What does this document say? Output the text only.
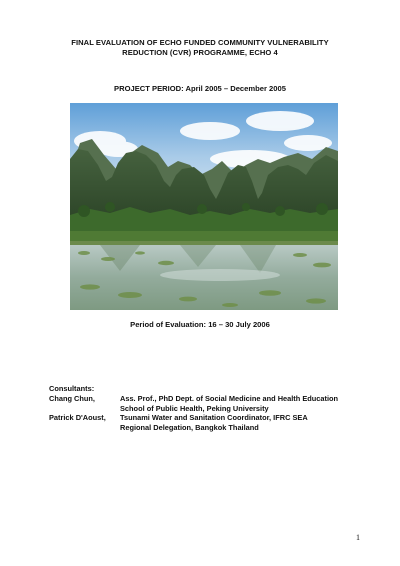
FINAL EVALUATION OF ECHO FUNDED COMMUNITY VULNERABILITY
REDUCTION (CVR) PROGRAMME, ECHO 4
PROJECT PERIOD: April 2005 – December 2005
Period of Evaluation: 16 – 30 July 2006
Consultants:
Chang Chun,	Ass. Prof., PhD Dept. of Social Medicine and Health Education
School of Public Health, Peking University
Patrick D'Aoust,	Tsunami Water and Sanitation Coordinator, IFRC SEA
Regional Delegation, Bangkok Thailand
1
